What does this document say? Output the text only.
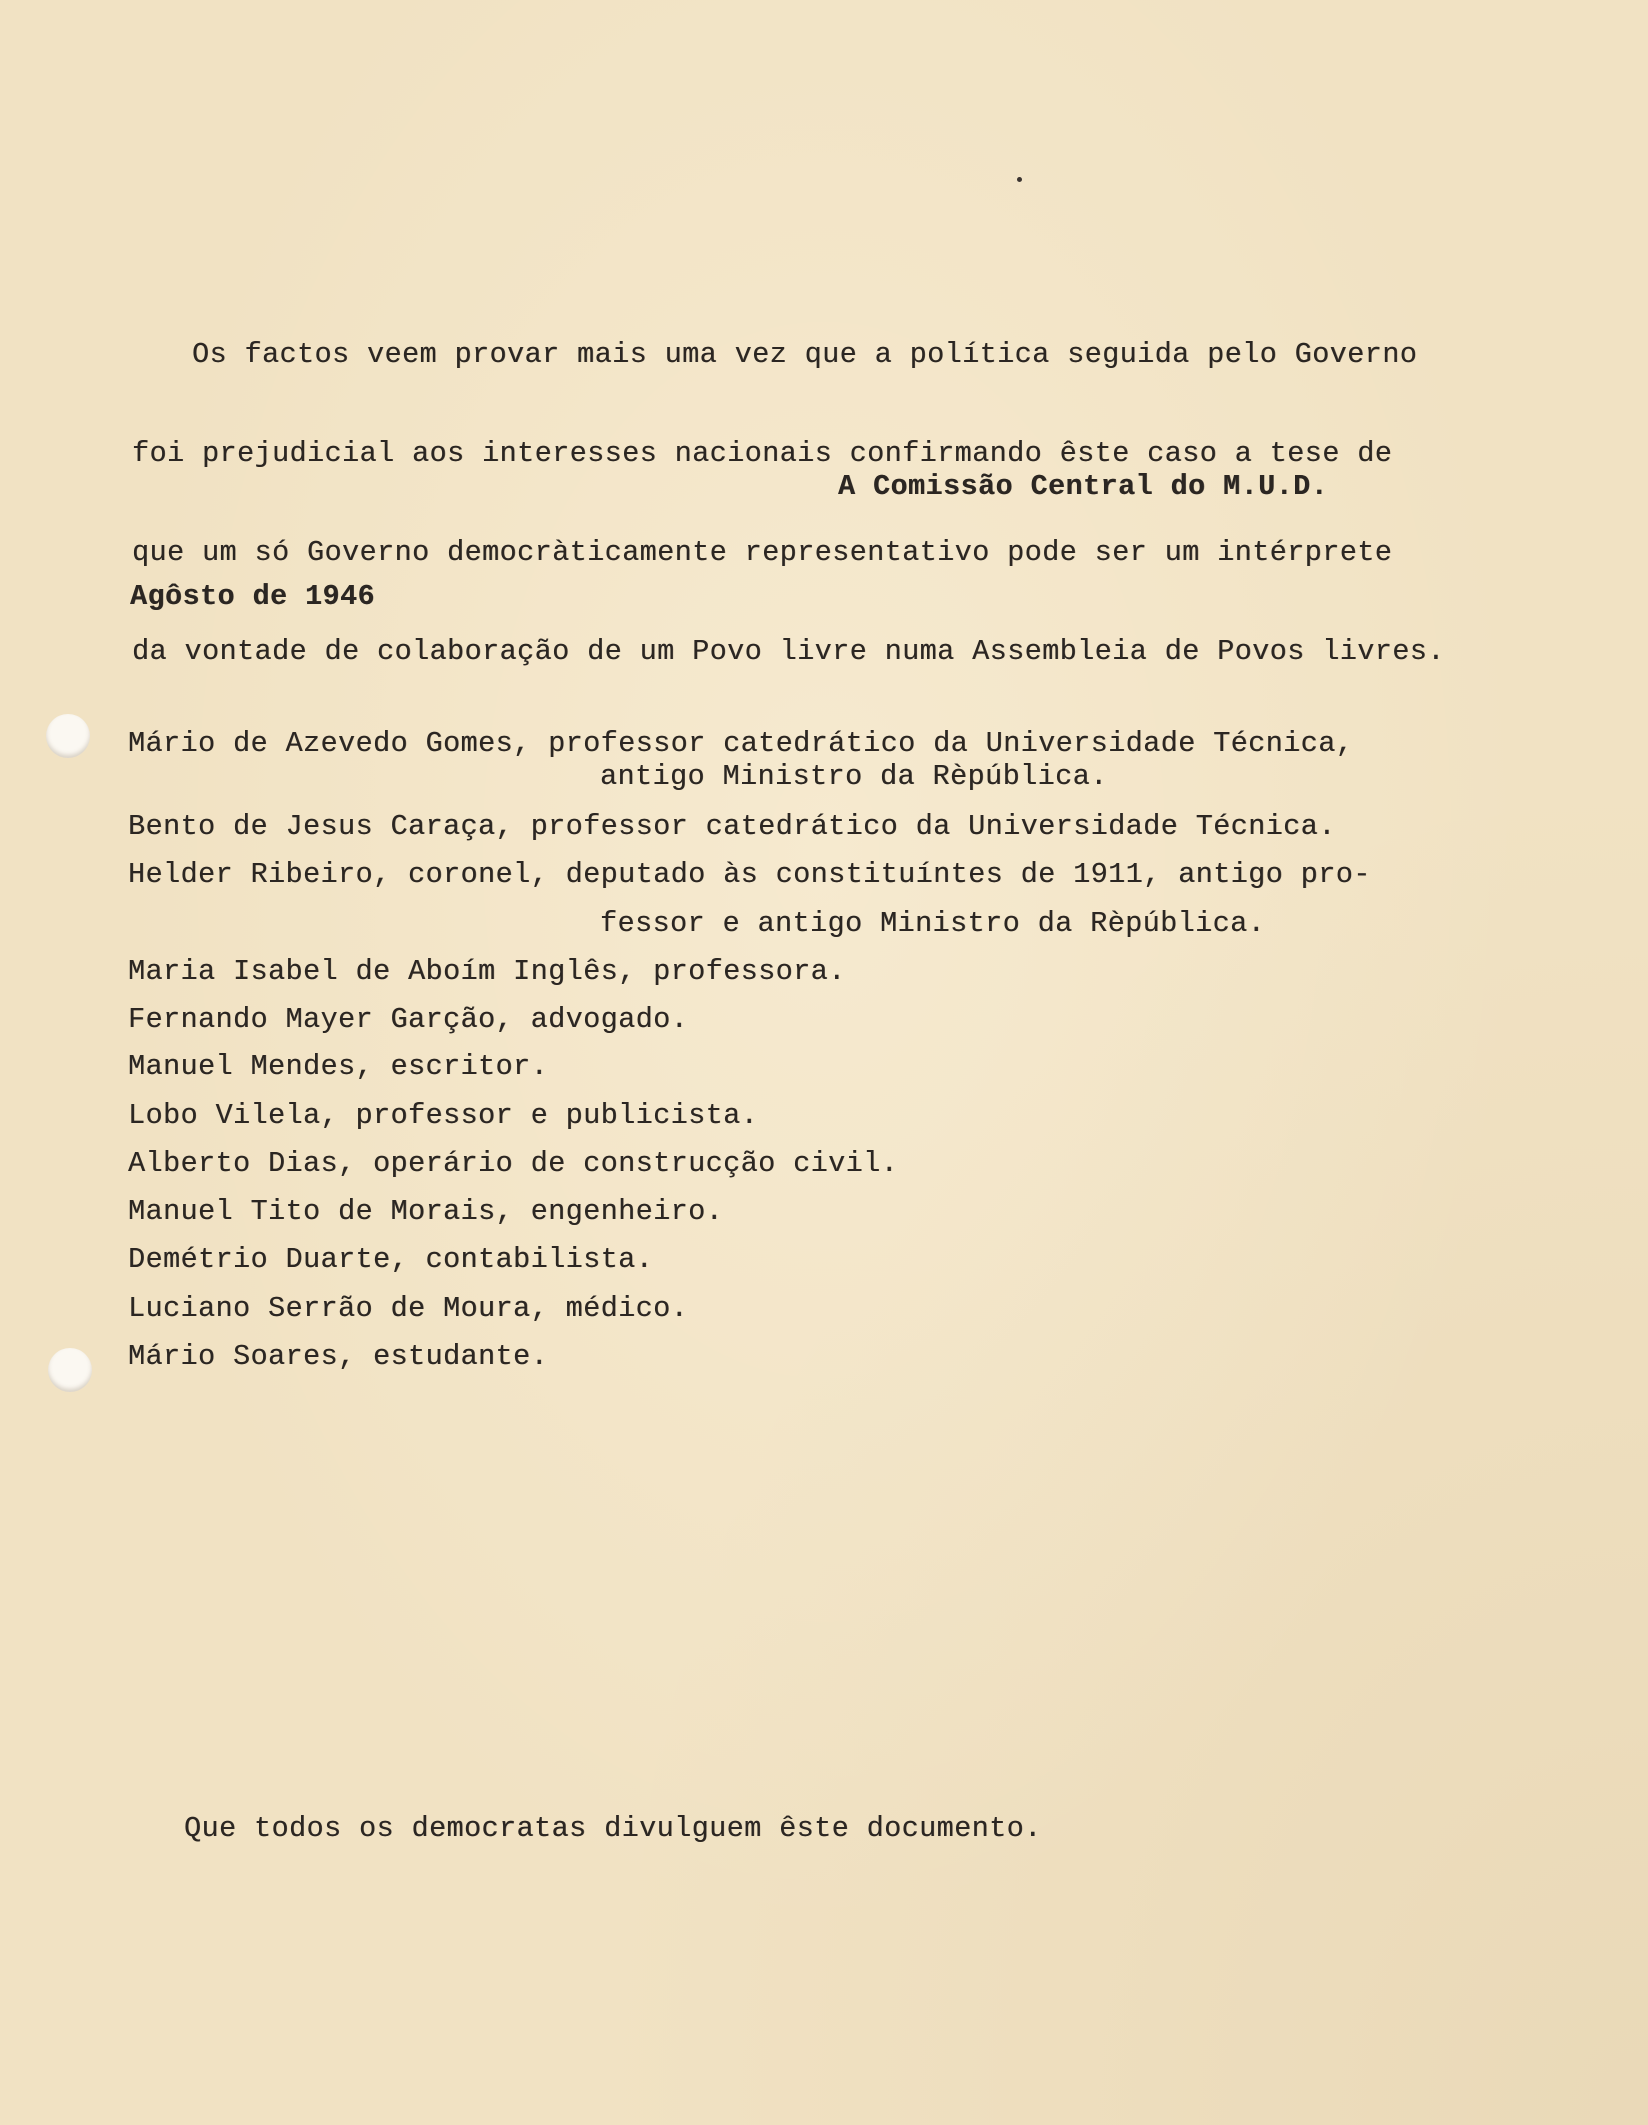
Os factos veem provar mais uma vez que a política seguida pelo Governo

foi prejudicial aos interesses nacionais confirmando êste caso a tese de

que um só Governo democràticamente representativo pode ser um intérprete

da vontade de colaboração de um Povo livre numa Assembleia de Povos livres.

A Comissão Central do M.U.D.

Agôsto de 1946

Mário de Azevedo Gomes, professor catedrático da Universidade Técnica,

antigo Ministro da Rèpública.

Bento de Jesus Caraça, professor catedrático da Universidade Técnica.

Helder Ribeiro, coronel, deputado às constituíntes de 1911, antigo pro-

fessor e antigo Ministro da Rèpública.

Maria Isabel de Aboím Inglês, professora.

Fernando Mayer Garção, advogado.

Manuel Mendes, escritor.

Lobo Vilela, professor e publicista.

Alberto Dias, operário de construcção civil.

Manuel Tito de Morais, engenheiro.

Demétrio Duarte, contabilista.

Luciano Serrão de Moura, médico.

Mário Soares, estudante.

Que todos os democratas divulguem êste documento.
